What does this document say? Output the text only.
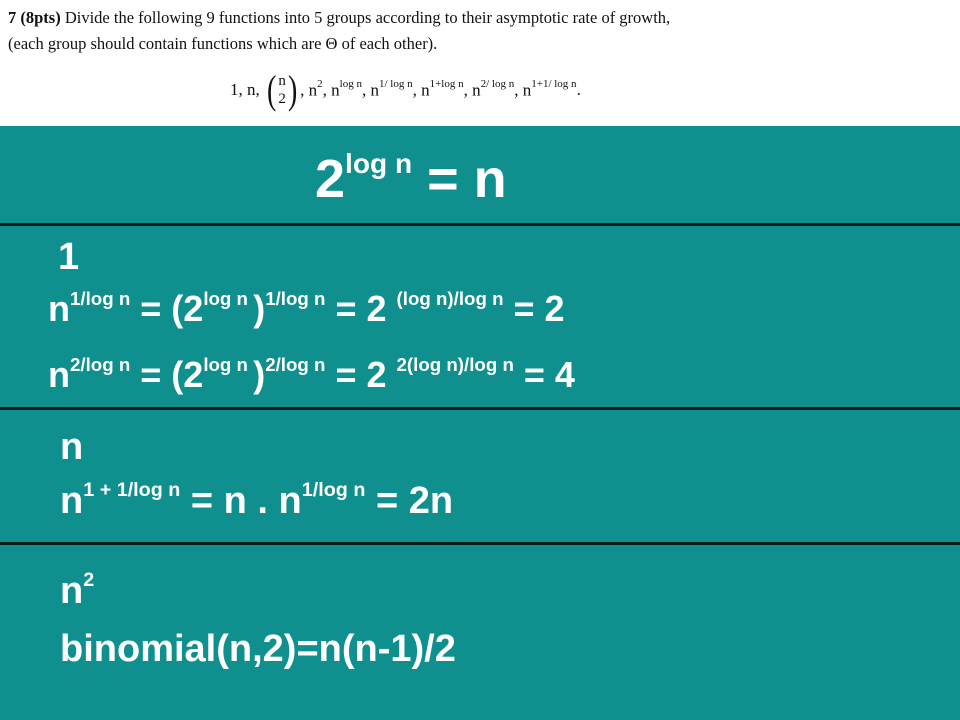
7 (8pts) Divide the following 9 functions into 5 groups according to their asymptotic rate of growth,
(each group should contain functions which are Θ of each other).
1, n,
( n
2 ) , $n^2$ , $n^{log n}$ , $n^{1/ log n}$ , $n^{1+log n}$ , $n^{2/ log n}$ , $n^{1+1/ log n}$ .
$2^{log n} = n$
1
$n^{1/log n} = (2^{log n}$ )$^{1/log n}$ = 2 $^{(log n)/log n}$ = 2
$n^{2/log n} = (2^{log n}$ )$^{2/log n}$ = 2 $^{2(log n)/log n}$ = 4
n
$n^{1 + 1/log n} = n$ . $n^{1/log n} = 2n$
$n^2$
binomial(n,2)=n(n-1)/2
